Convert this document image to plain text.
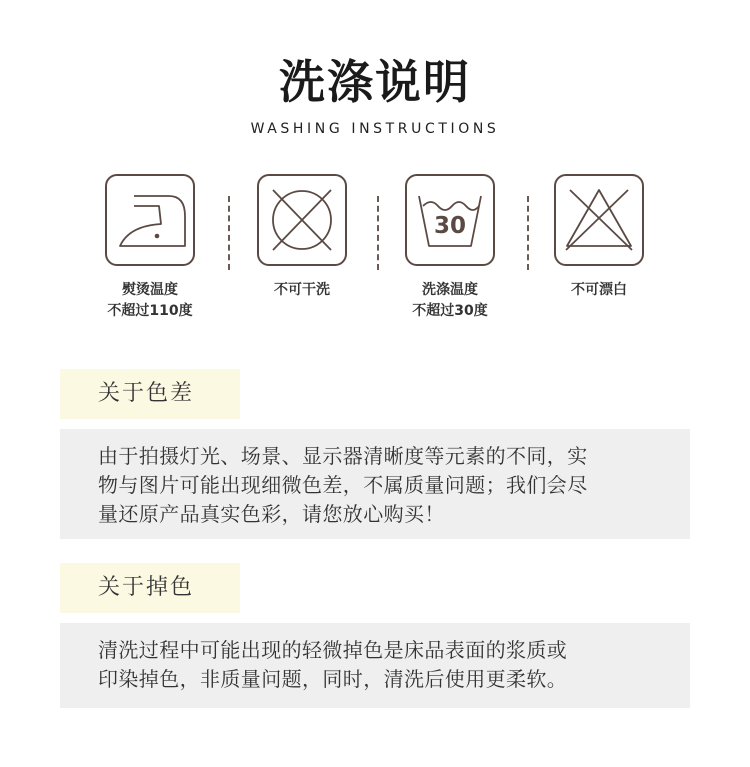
洗涤说明
WASHING INSTRUCTIONS
熨烫温度
不超过110度
不可干洗
30
洗涤温度
不超过30度
不可漂白
关于色差
由于拍摄灯光、场景、显示器清晰度等元素的不同，实
物与图片可能出现细微色差，不属质量问题；我们会尽
量还原产品真实色彩，请您放心购买！
关于掉色
清洗过程中可能出现的轻微掉色是床品表面的浆质或
印染掉色，非质量问题，同时，清洗后使用更柔软。
